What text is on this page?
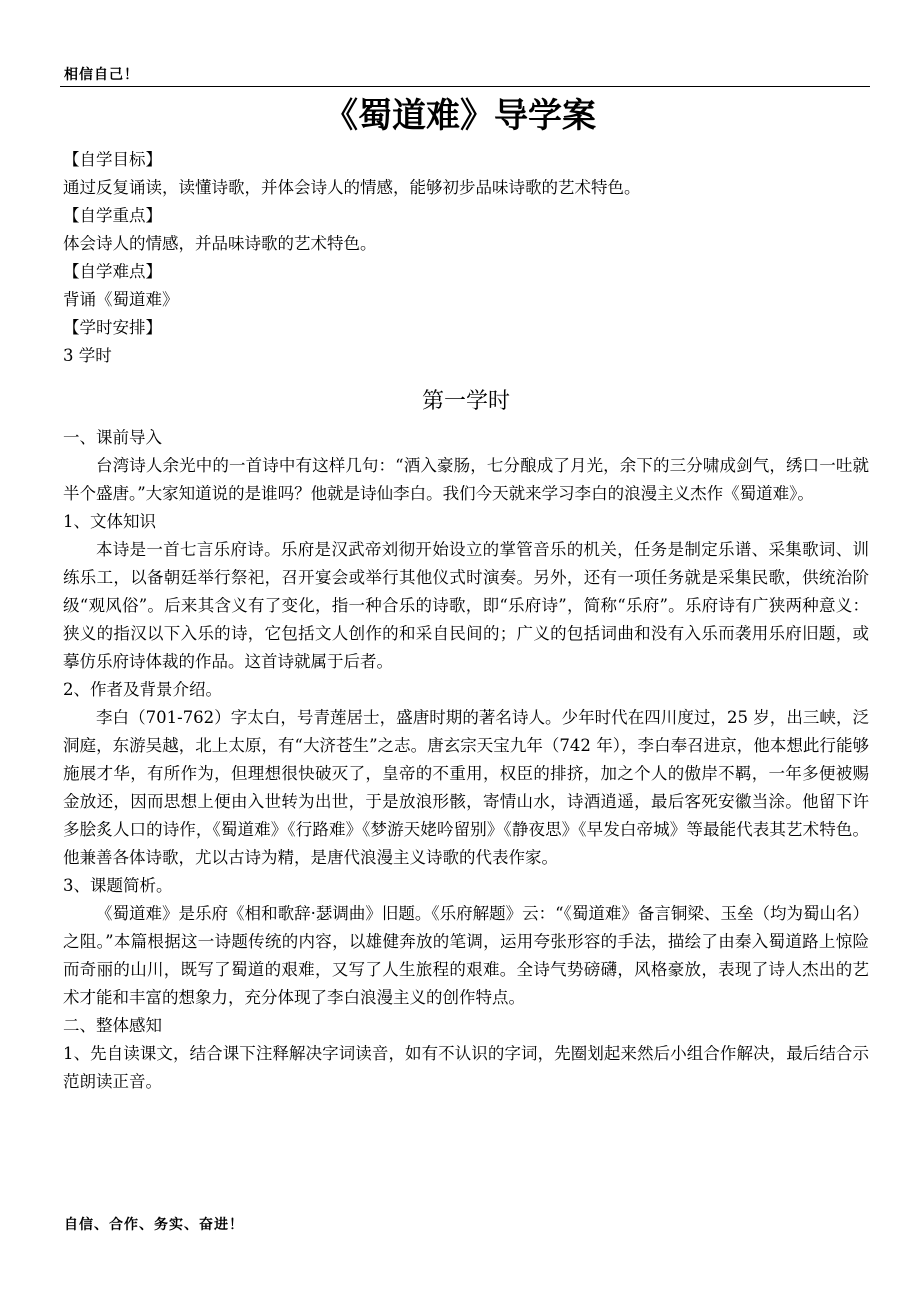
相信自己！
《蜀道难》导学案

【自学目标】

通过反复诵读，读懂诗歌，并体会诗人的情感，能够初步品味诗歌的艺术特色。

【自学重点】

体会诗人的情感，并品味诗歌的艺术特色。

【自学难点】

背诵《蜀道难》

【学时安排】

3 学时

第一学时

一、课前导入

台湾诗人余光中的一首诗中有这样几句：“酒入豪肠，七分酿成了月光，余下的三分啸成剑气，绣口一吐就半个盛唐。”大家知道说的是谁吗？他就是诗仙李白。我们今天就来学习李白的浪漫主义杰作《蜀道难》。

1、文体知识

本诗是一首七言乐府诗。乐府是汉武帝刘彻开始设立的掌管音乐的机关，任务是制定乐谱、采集歌词、训练乐工，以备朝廷举行祭祀，召开宴会或举行其他仪式时演奏。另外，还有一项任务就是采集民歌，供统治阶级“观风俗”。后来其含义有了变化，指一种合乐的诗歌，即“乐府诗”，简称“乐府”。乐府诗有广狭两种意义：狭义的指汉以下入乐的诗，它包括文人创作的和采自民间的；广义的包括词曲和没有入乐而袭用乐府旧题，或摹仿乐府诗体裁的作品。这首诗就属于后者。

2、作者及背景介绍。

李白（701-762）字太白，号青莲居士，盛唐时期的著名诗人。少年时代在四川度过，25 岁，出三峡，泛洞庭，东游吴越，北上太原，有“大济苍生”之志。唐玄宗天宝九年（742 年），李白奉召进京，他本想此行能够施展才华，有所作为，但理想很快破灭了，皇帝的不重用，权臣的排挤，加之个人的傲岸不羁，一年多便被赐金放还，因而思想上便由入世转为出世，于是放浪形骸，寄情山水，诗酒逍遥，最后客死安徽当涂。他留下许多脍炙人口的诗作，《蜀道难》《行路难》《梦游天姥吟留别》《静夜思》《早发白帝城》等最能代表其艺术特色。他兼善各体诗歌，尤以古诗为精，是唐代浪漫主义诗歌的代表作家。

3、课题简析。

《蜀道难》是乐府《相和歌辞·瑟调曲》旧题。《乐府解题》云：“《蜀道难》备言铜梁、玉垒（均为蜀山名）之阻。”本篇根据这一诗题传统的内容，以雄健奔放的笔调，运用夸张形容的手法，描绘了由秦入蜀道路上惊险而奇丽的山川，既写了蜀道的艰难，又写了人生旅程的艰难。全诗气势磅礴，风格豪放，表现了诗人杰出的艺术才能和丰富的想象力，充分体现了李白浪漫主义的创作特点。

二、整体感知

1、先自读课文，结合课下注释解决字词读音，如有不认识的字词，先圈划起来然后小组合作解决，最后结合示范朗读正音。

自信、合作、务实、奋进！
